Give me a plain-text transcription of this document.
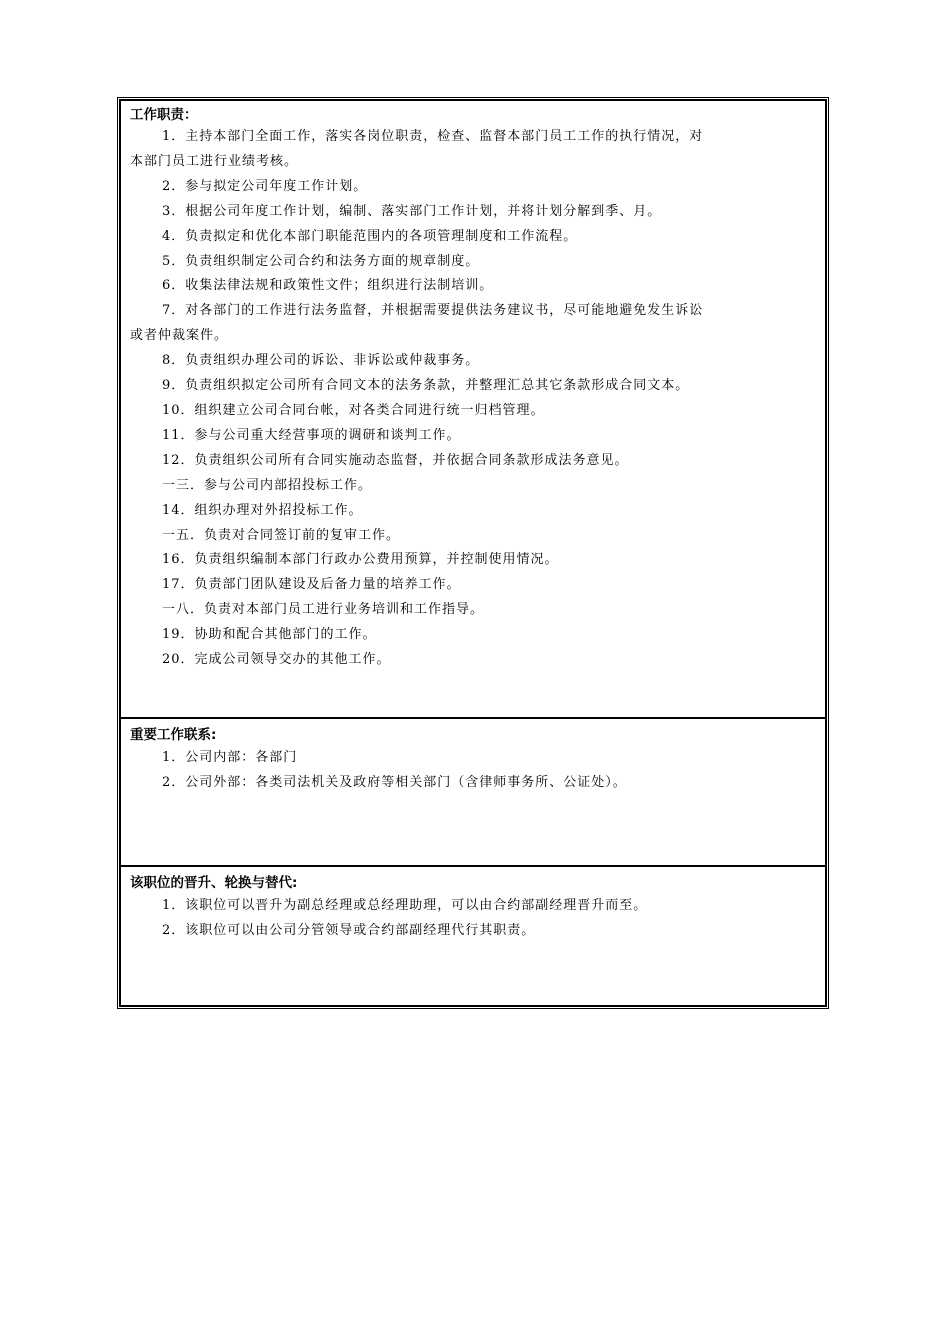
工作职责：
1．主持本部门全面工作，落实各岗位职责，检查、监督本部门员工工作的执行情况，对
本部门员工进行业绩考核。
2．参与拟定公司年度工作计划。
3．根据公司年度工作计划，编制、落实部门工作计划，并将计划分解到季、月。
4．负责拟定和优化本部门职能范围内的各项管理制度和工作流程。
5．负责组织制定公司合约和法务方面的规章制度。
6．收集法律法规和政策性文件；组织进行法制培训。
7．对各部门的工作进行法务监督，并根据需要提供法务建议书，尽可能地避免发生诉讼
或者仲裁案件。
8．负责组织办理公司的诉讼、非诉讼或仲裁事务。
9．负责组织拟定公司所有合同文本的法务条款，并整理汇总其它条款形成合同文本。
10．组织建立公司合同台帐，对各类合同进行统一归档管理。
11．参与公司重大经营事项的调研和谈判工作。
12．负责组织公司所有合同实施动态监督，并依据合同条款形成法务意见。
一三．参与公司内部招投标工作。
14．组织办理对外招投标工作。
一五．负责对合同签订前的复审工作。
16．负责组织编制本部门行政办公费用预算，并控制使用情况。
17．负责部门团队建设及后备力量的培养工作。
一八．负责对本部门员工进行业务培训和工作指导。
19．协助和配合其他部门的工作。
20．完成公司领导交办的其他工作。
重要工作联系:
1．公司内部：各部门
2．公司外部：各类司法机关及政府等相关部门（含律师事务所、公证处）。
该职位的晋升、轮换与替代:
1．该职位可以晋升为副总经理或总经理助理，可以由合约部副经理晋升而至。
2．该职位可以由公司分管领导或合约部副经理代行其职责。
